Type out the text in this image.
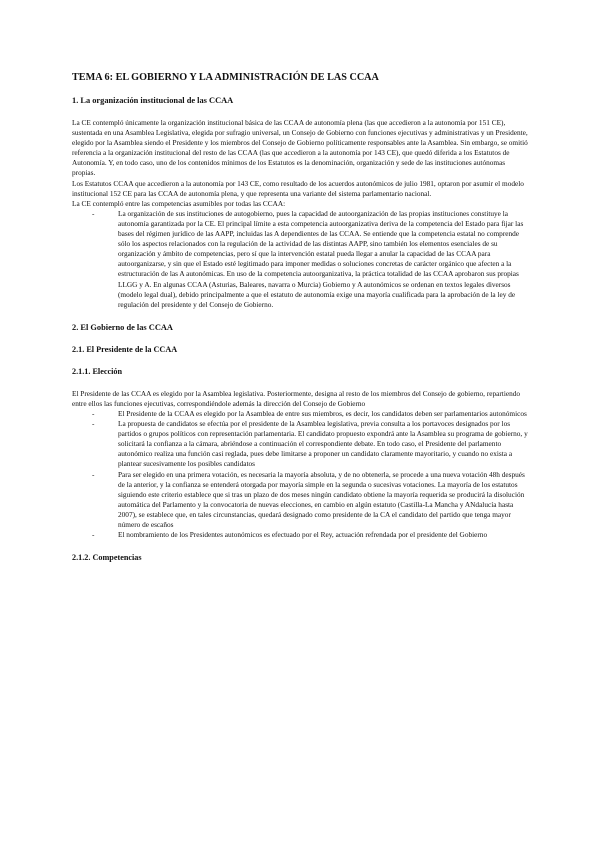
TEMA 6: EL GOBIERNO Y LA ADMINISTRACIÓN DE LAS CCAA
1. La organización institucional de las CCAA

La CE contempló únicamente la organización institucional básica de las CCAA de autonomía plena (las que accedieron a la autonomía por 151 CE), sustentada en una Asamblea Legislativa, elegida por sufragio universal, un Consejo de Gobierno con funciones ejecutivas y administrativas y un Presidente, elegido por la Asamblea siendo el Presidente y los miembros del Consejo de Gobierno políticamente responsables ante la Asamblea. Sin embargo, se omitió referencia a la organización institucional del resto de las CCAA (las que accedieron a la autonomía por 143 CE), que quedó diferida a los Estatutos de Autonomía. Y, en todo caso, uno de los contenidos mínimos de los Estatutos es la denominación, organización y sede de las instituciones autónomas propias.

Los Estatutos CCAA que accedieron a la autonomía por 143 CE, como resultado de los acuerdos autonómicos de julio 1981, optaron por asumir el modelo institucional 152 CE para las CCAA de autonomía plena, y que representa una variante del sistema parlamentario nacional.

La CE contempló entre las competencias asumibles por todas las CCAA:

-	La organización de sus instituciones de autogobierno, pues la capacidad de autoorganización de las propias instituciones constituye la autonomía garantizada por la CE. El principal límite a esta competencia autoorganizativa deriva de la competencia del Estado para fijar las bases del régimen jurídico de las AAPP, incluidas las A dependientes de las CCAA. Se entiende que la competencia estatal no comprende sólo los aspectos relacionados con la regulación de la actividad de las distintas AAPP, sino también los elementos esenciales de su organización y ámbito de competencias, pero sí que la intervención estatal pueda llegar a anular la capacidad de las CCAA para autoorganizarse, y sin que el Estado esté legitimado para imponer medidas o soluciones concretas de carácter orgánico que afecten a la estructuración de las A autonómicas. En uso de la competencia autoorganizativa, la práctica totalidad de las CCAA aprobaron sus propias LLGG y A. En algunas CCAA (Asturias, Baleares, navarra o Murcia) Gobierno y A autonómicos se ordenan en textos legales diversos (modelo legal dual), debido principalmente a que el estatuto de autonomía exige una mayoría cualificada para la aprobación de la ley de regulación del presidente y del Consejo de Gobierno.
2. El Gobierno de las CCAA
2.1. El Presidente de la CCAA
2.1.1. Elección

El Presidente de las CCAA es elegido por la Asamblea legislativa. Posteriormente, designa al resto de los miembros del Consejo de gobierno, repartiendo entre ellos las funciones ejecutivas, correspondiéndole además la dirección del Consejo de Gobierno

-	El Presidente de la CCAA es elegido por la Asamblea de entre sus miembros, es decir, los candidatos deben ser parlamentarios autonómicos
-	La propuesta de candidatos se efectúa por el presidente de la Asamblea legislativa, previa consulta a los portavoces designados por los partidos o grupos políticos con representación parlamentaria. El candidato propuesto expondrá ante la Asamblea su programa de gobierno, y solicitará la confianza a la cámara, abriéndose a continuación el correspondiente debate. En todo caso, el Presidente del parlamento autonómico realiza una función casi reglada, pues debe limitarse a proponer un candidato claramente mayoritario, y cuando no exista a plantear sucesivamente los posibles candidatos
-	Para ser elegido en una primera votación, es necesaria la mayoría absoluta, y de no obtenerla, se procede a una nueva votación 48h después de la anterior, y la confianza se entenderá otorgada por mayoría simple en la segunda o sucesivas votaciones. La mayoría de los estatutos siguiendo este criterio establece que si tras un plazo de dos meses ningún candidato obtiene la mayoría requerida se producirá la disolución automática del Parlamento y la convocatoria de nuevas elecciones, en cambio en algún estatuto (Castilla-La Mancha y ANdalucía hasta 2007), se establece que, en tales circunstancias, quedará designado como presidente de la CA el candidato del partido que tenga mayor número de escaños
-	El nombramiento de los Presidentes autonómicos es efectuado por el Rey, actuación refrendada por el presidente del Gobierno
2.1.2. Competencias
